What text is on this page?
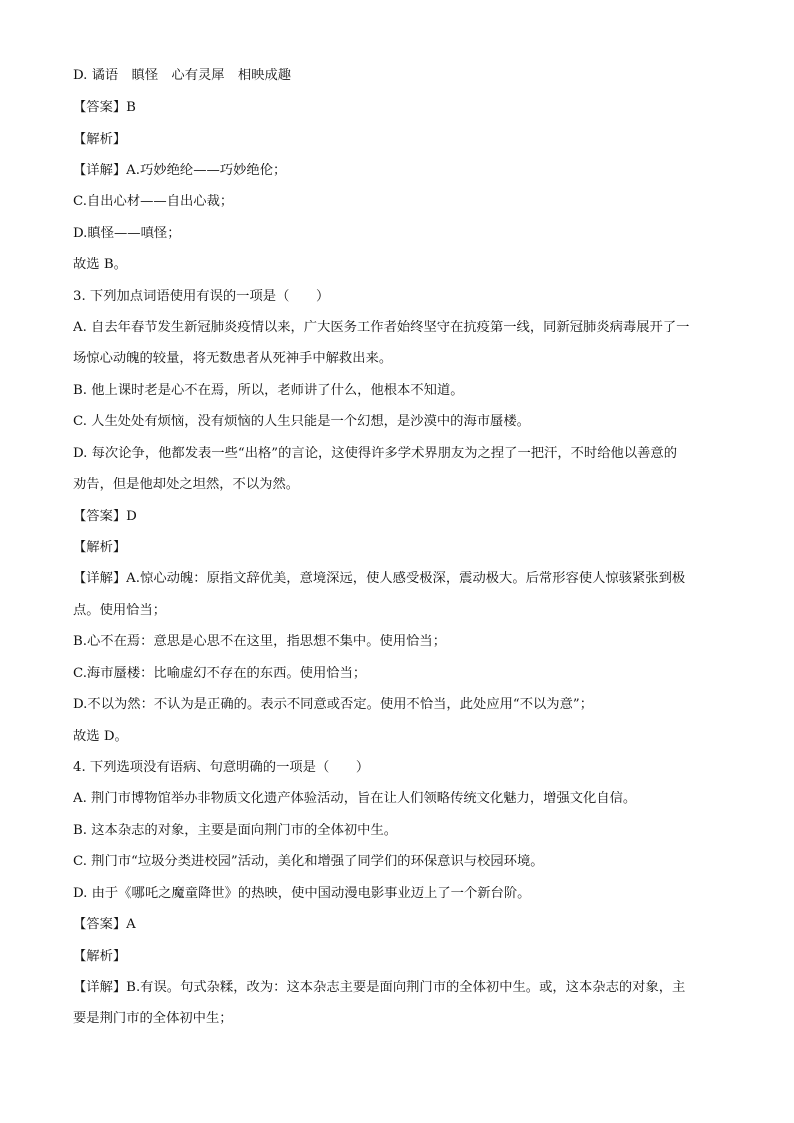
D. 谲语　瞋怪　心有灵犀　相映成趣
【答案】B
【解析】
【详解】A.巧妙绝纶——巧妙绝伦；
C.自出心材——自出心裁；
D.瞋怪——嗔怪；
故选 B。
3. 下列加点词语使用有误的一项是（　　）
A. 自去年春节发生新冠肺炎疫情以来，广大医务工作者始终坚守在抗疫第一线，同新冠肺炎病毒展开了一
场惊心动魄的较量，将无数患者从死神手中解救出来。
B. 他上课时老是心不在焉，所以，老师讲了什么，他根本不知道。
C. 人生处处有烦恼，没有烦恼的人生只能是一个幻想，是沙漠中的海市蜃楼。
D. 每次论争，他都发表一些“出格”的言论，这使得许多学术界朋友为之捏了一把汗，不时给他以善意的
劝告，但是他却处之坦然，不以为然。
【答案】D
【解析】
【详解】A.惊心动魄：原指文辞优美，意境深远，使人感受极深，震动极大。后常形容使人惊骇紧张到极
点。使用恰当；
B.心不在焉：意思是心思不在这里，指思想不集中。使用恰当；
C.海市蜃楼：比喻虚幻不存在的东西。使用恰当；
D.不以为然：不认为是正确的。表示不同意或否定。使用不恰当，此处应用“不以为意”；
故选 D。
4. 下列选项没有语病、句意明确的一项是（　　）
A. 荆门市博物馆举办非物质文化遗产体验活动，旨在让人们领略传统文化魅力，增强文化自信。
B. 这本杂志的对象，主要是面向荆门市的全体初中生。
C. 荆门市“垃圾分类进校园”活动，美化和增强了同学们的环保意识与校园环境。
D. 由于《哪吒之魔童降世》的热映，使中国动漫电影事业迈上了一个新台阶。
【答案】A
【解析】
【详解】B.有误。句式杂糅，改为：这本杂志主要是面向荆门市的全体初中生。或，这本杂志的对象，主
要是荆门市的全体初中生；
